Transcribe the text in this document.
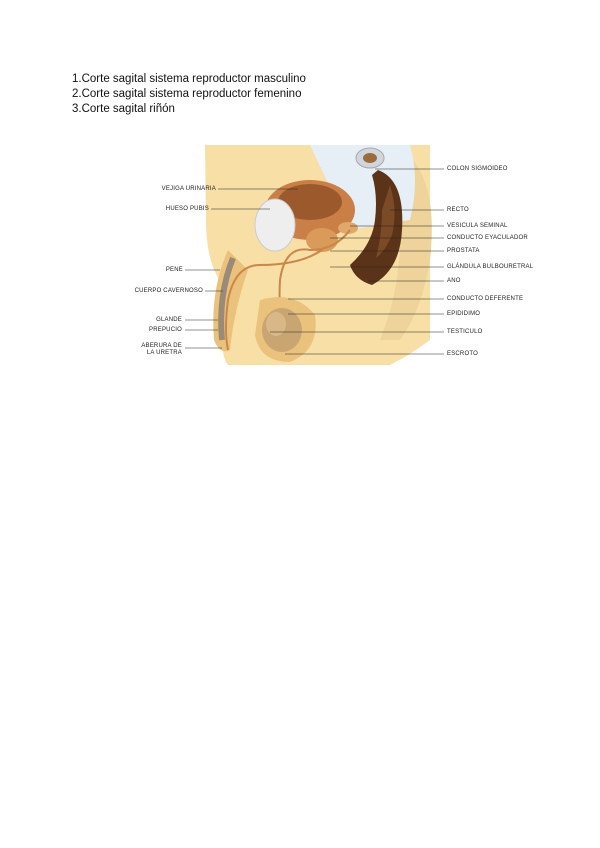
1.Corte sagital sistema reproductor masculino
2.Corte sagital sistema reproductor femenino
3.Corte sagital riñón
VEJIGA URINARIA
HUESO PUBIS
PENE
CUERPO CAVERNOSO
GLANDE
PREPUCIO
ABERURA DE
LA URETRA
COLON SIGMOIDEO
RECTO
VESICULA SEMINAL
CONDUCTO EYACULADOR
PROSTATA
GLÁNDULA BULBOURETRAL
ANO
CONDUCTO DEFERENTE
EPIDIDIMO
TESTICULO
ESCROTO
